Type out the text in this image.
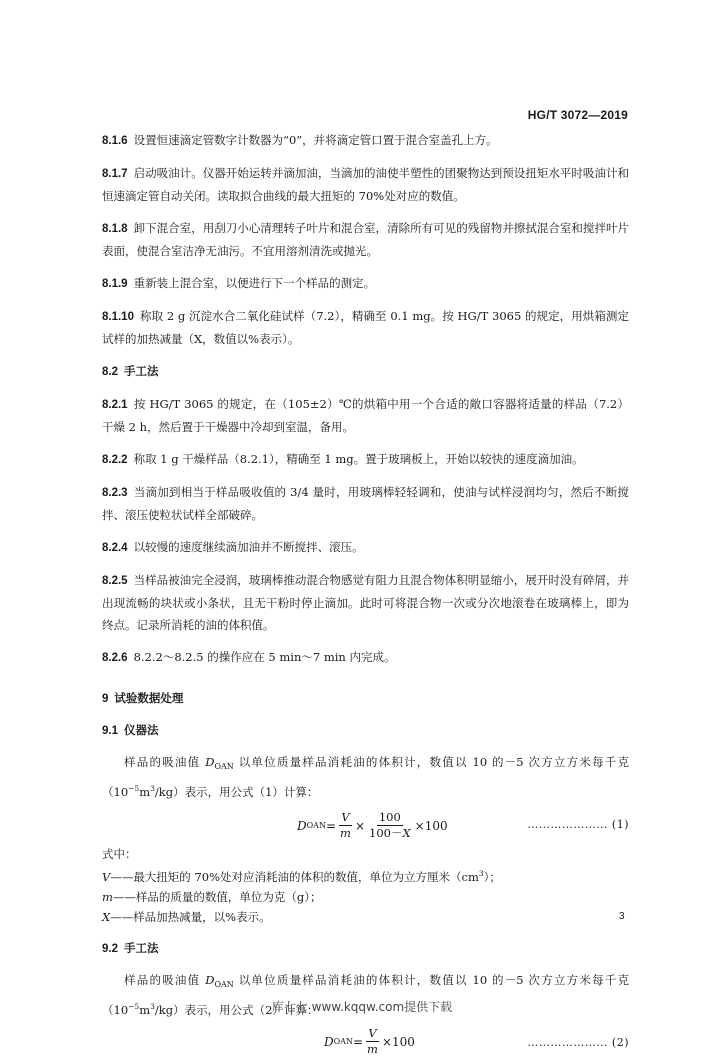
HG/T 3072—2019

8.1.6 设置恒速滴定管数字计数器为“0”，并将滴定管口置于混合室盖孔上方。

8.1.7 启动吸油计。仪器开始运转并滴加油，当滴加的油使半塑性的团聚物达到预设扭矩水平时吸油计和恒速滴定管自动关闭。读取拟合曲线的最大扭矩的 70%处对应的数值。

8.1.8 卸下混合室，用刮刀小心清理转子叶片和混合室，清除所有可见的残留物并擦拭混合室和搅拌叶片表面，使混合室洁净无油污。不宜用溶剂清洗或抛光。

8.1.9 重新装上混合室，以便进行下一个样品的测定。

8.1.10 称取 2 g 沉淀水合二氧化硅试样（7.2），精确至 0.1 mg。按 HG/T 3065 的规定，用烘箱测定试样的加热减量（X，数值以%表示）。

8.2 手工法

8.2.1 按 HG/T 3065 的规定，在（105±2）℃的烘箱中用一个合适的敞口容器将适量的样品（7.2）干燥 2 h，然后置于干燥器中冷却到室温，备用。

8.2.2 称取 1 g 干燥样品（8.2.1），精确至 1 mg。置于玻璃板上，开始以较快的速度滴加油。

8.2.3 当滴加到相当于样品吸收值的 3/4 量时，用玻璃棒轻轻调和，使油与试样浸润均匀，然后不断搅拌、滚压使粒状试样全部破碎。

8.2.4 以较慢的速度继续滴加油并不断搅拌、滚压。

8.2.5 当样品被油完全浸润，玻璃棒推动混合物感觉有阻力且混合物体积明显缩小，展开时没有碎屑，并出现流畅的块状或小条状，且无干粉时停止滴加。此时可将混合物一次或分次地滚卷在玻璃棒上，即为终点。记录所消耗的油的体积值。

8.2.6 8.2.2～8.2.5 的操作应在 5 min～7 min 内完成。

9 试验数据处理

9.1 仪器法

样品的吸油值 $D_{OAN}$ 以单位质量样品消耗油的体积计，数值以 10 的－5 次方立方米每千克$(10^{-5}m^3/kg)$表示，用公式（1）计算：

D OAN = $\frac{V}{m} \times \frac{100}{100-X} \times 100$	………………… (1)

式中：

V——最大扭矩的 70%处对应消耗油的体积的数值，单位为立方厘米$(cm^3)$；

m——样品的质量的数值，单位为克（g）；

X——样品加热减量，以%表示。

9.2 手工法

样品的吸油值 $D_{OAN}$ 以单位质量样品消耗油的体积计，数值以 10 的－5 次方立方米每千克$(10^{-5}m^3/kg)$表示，用公式（2）计算：

D OAN = $\frac{V}{m} \times 100$	………………… (2)
3
库七七 www.kqqw.com提供下载
